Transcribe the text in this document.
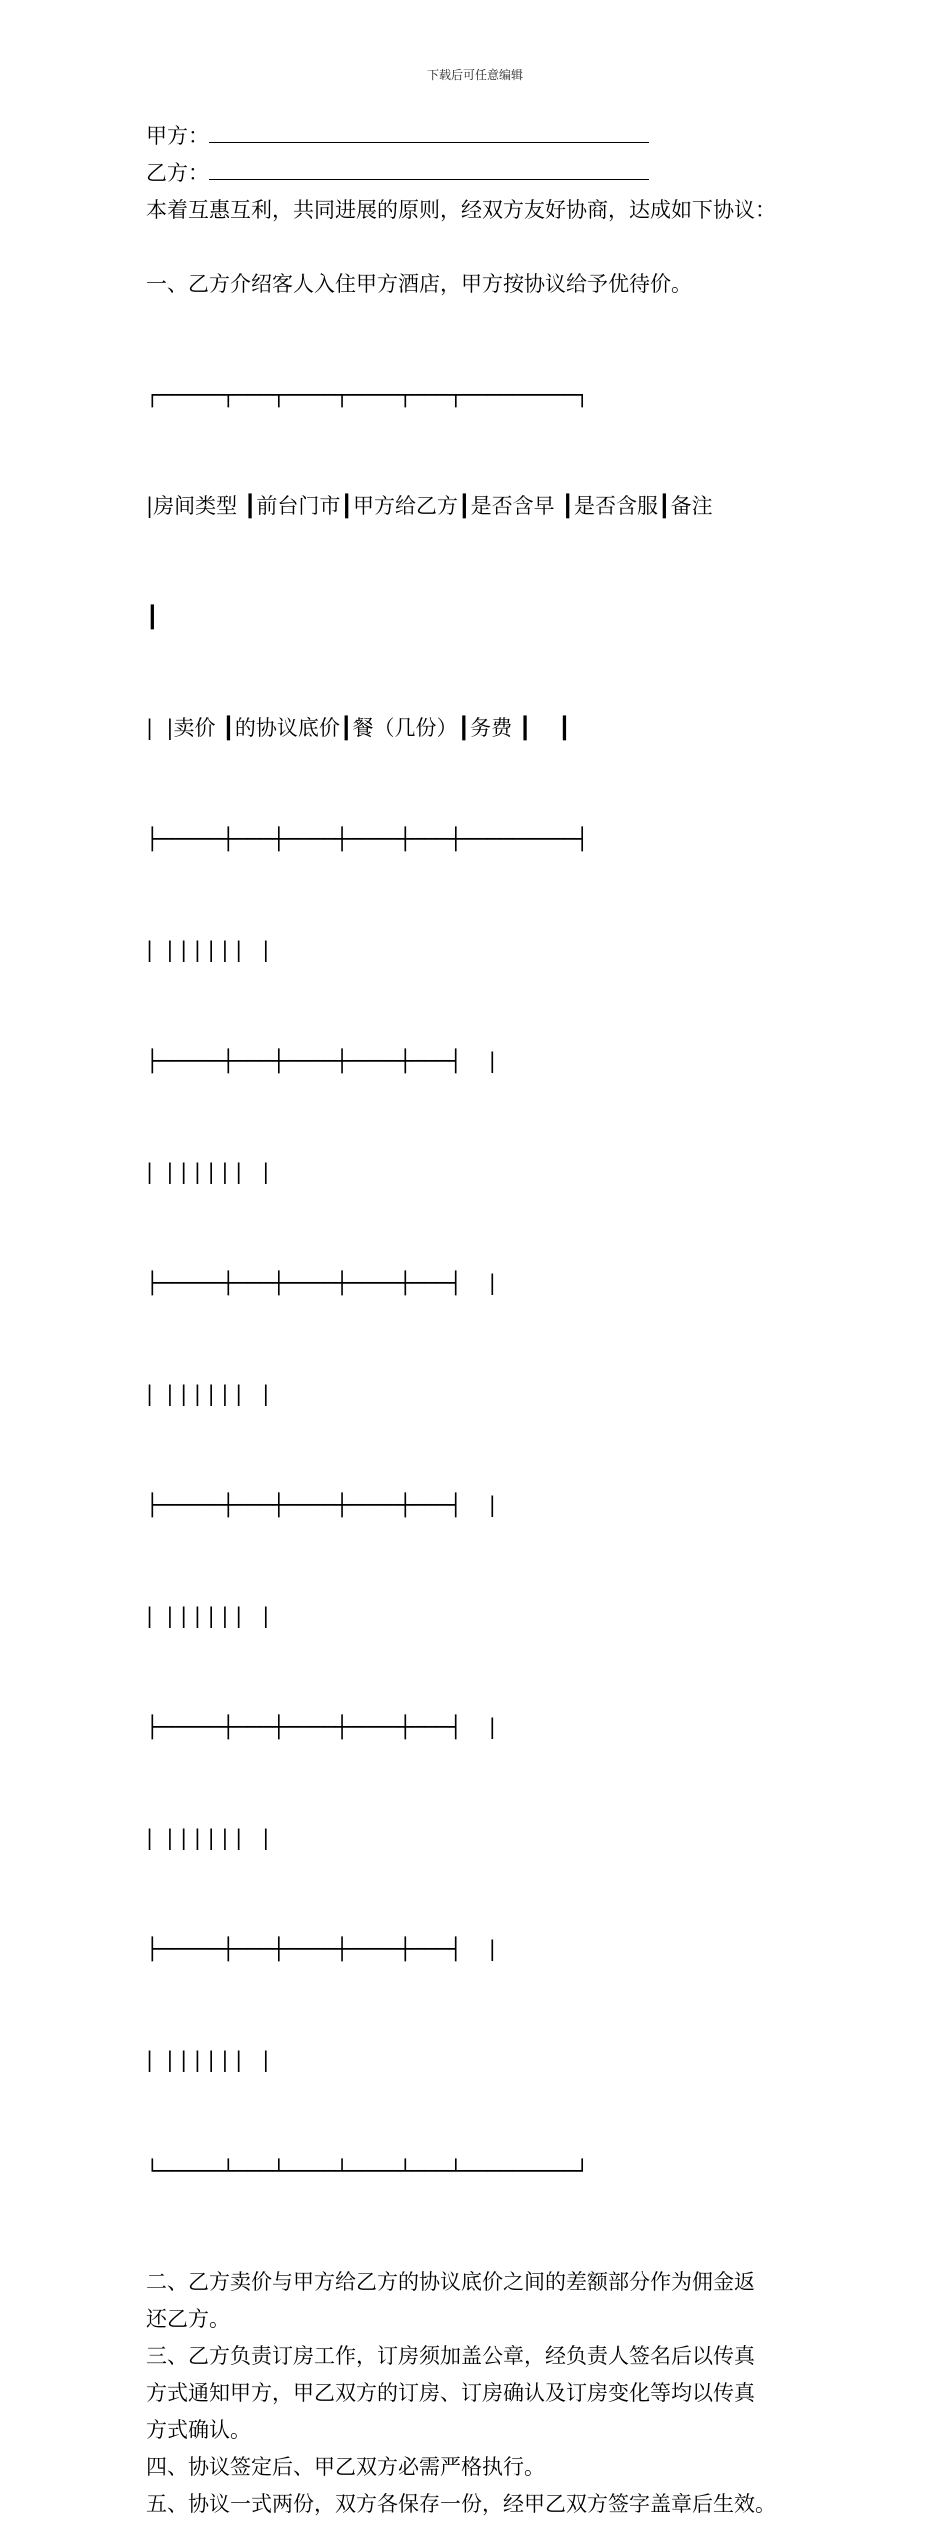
下载后可任意编辑
甲方：
乙方：
本着互惠互利，共同进展的原则，经双方友好协商，达成如下协议：
一、乙方介绍客人入住甲方酒店，甲方按协议给予优待价。

┌─────┬───┬────┬────┬───┬─────────┐

|房间类型 ┃前台门市┃甲方给乙方┃是否含早 ┃是否含服┃备注

┃

|  |卖价 ┃的协议底价┃餐（几份）┃务费 ┃    ┃

├─────┼───┼────┼────┼───┼─────────┤

|  | | | | | |   |

├─────┼───┼────┼────┼───┤    |

|  | | | | | |   |

├─────┼───┼────┼────┼───┤    |

|  | | | | | |   |

├─────┼───┼────┼────┼───┤    |

|  | | | | | |   |

├─────┼───┼────┼────┼───┤    |

|  | | | | | |   |

├─────┼───┼────┼────┼───┤    |

|  | | | | | |   |

└─────┴───┴────┴────┴───┴─────────┘

二、乙方卖价与甲方给乙方的协议底价之间的差额部分作为佣金返
还乙方。
三、乙方负责订房工作，订房须加盖公章，经负责人签名后以传真
方式通知甲方，甲乙双方的订房、订房确认及订房变化等均以传真
方式确认。
四、协议签定后、甲乙双方必需严格执行。
五、协议一式两份，双方各保存一份，经甲乙双方签字盖章后生效。
